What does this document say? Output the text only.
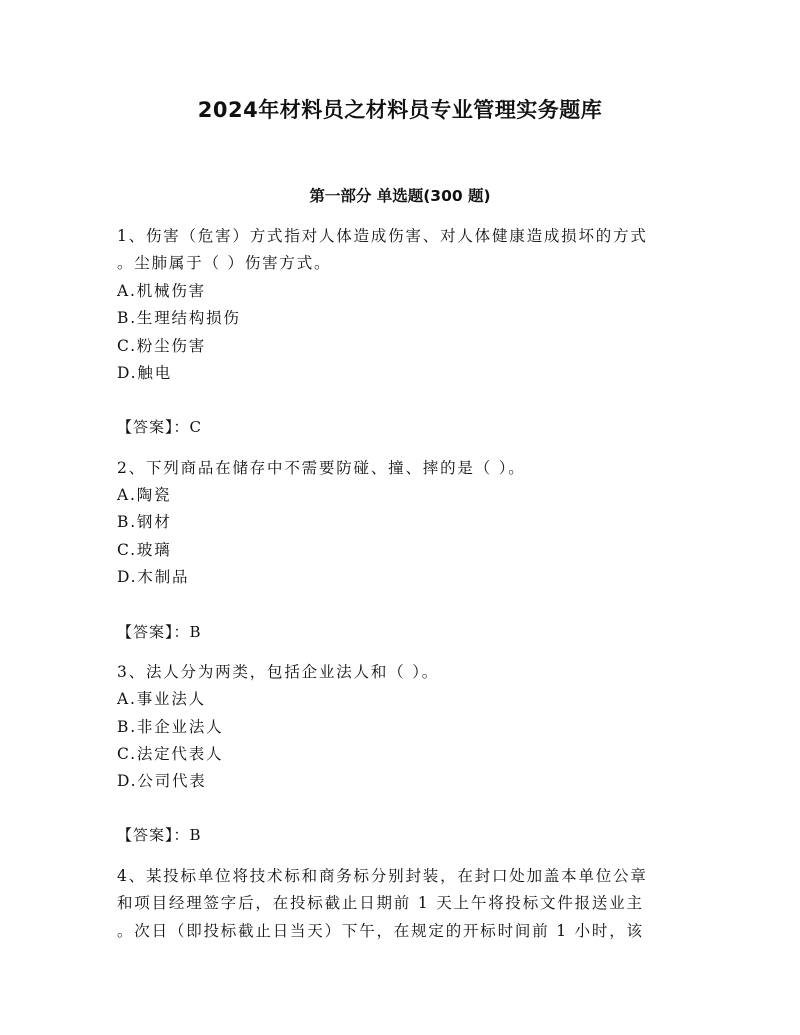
2024年材料员之材料员专业管理实务题库
第一部分 单选题(300 题)
1、伤害（危害）方式指对人体造成伤害、对人体健康造成损坏的方式
。尘肺属于（ ）伤害方式。
A.机械伤害
B.生理结构损伤
C.粉尘伤害
D.触电
【答案】：C
2、下列商品在储存中不需要防碰、撞、摔的是（ ）。
A.陶瓷
B.钢材
C.玻璃
D.木制品
【答案】：B
3、法人分为两类，包括企业法人和（ ）。
A.事业法人
B.非企业法人
C.法定代表人
D.公司代表
【答案】：B
4、某投标单位将技术标和商务标分别封装，在封口处加盖本单位公章
和项目经理签字后，在投标截止日期前 1 天上午将投标文件报送业主
。次日（即投标截止日当天）下午，在规定的开标时间前 1 小时，该
